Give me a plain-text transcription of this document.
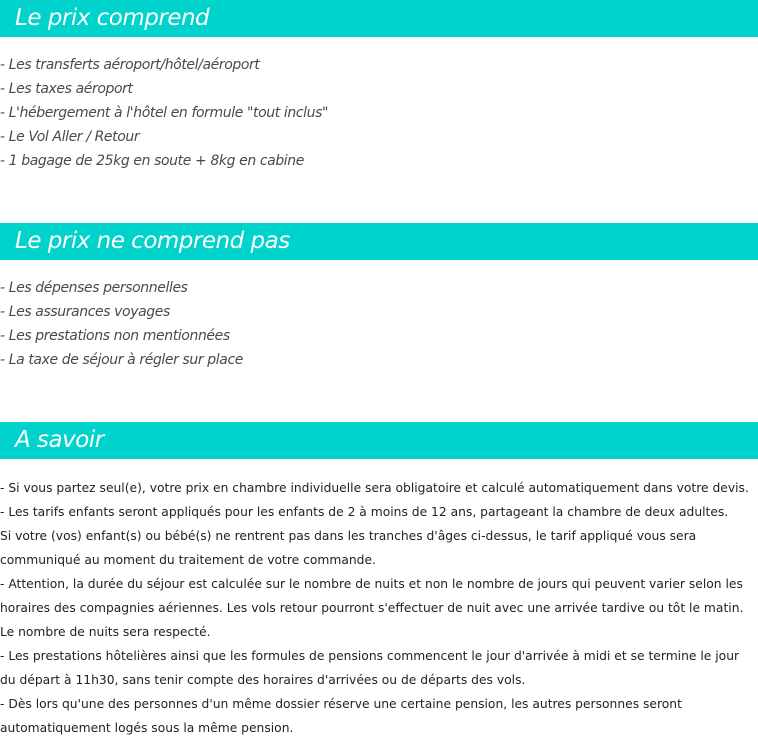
Le prix comprend
- Les transferts aéroport/hôtel/aéroport
- Les taxes aéroport
- L'hébergement à l'hôtel en formule "tout inclus"
- Le Vol Aller / Retour
- 1 bagage de 25kg en soute + 8kg en cabine
Le prix ne comprend pas
- Les dépenses personnelles
- Les assurances voyages
- Les prestations non mentionnées
- La taxe de séjour à régler sur place
A savoir

- Si vous partez seul(e), votre prix en chambre individuelle sera obligatoire et calculé automatiquement dans votre devis.

- Les tarifs enfants seront appliqués pour les enfants de 2 à moins de 12 ans, partageant la chambre de deux adultes.

Si votre (vos) enfant(s) ou bébé(s) ne rentrent pas dans les tranches d'âges ci-dessus, le tarif appliqué vous sera communiqué au moment du traitement de votre commande.

- Attention, la durée du séjour est calculée sur le nombre de nuits et non le nombre de jours qui peuvent varier selon les horaires des compagnies aériennes. Les vols retour pourront s'effectuer de nuit avec une arrivée tardive ou tôt le matin. Le nombre de nuits sera respecté.

- Les prestations hôtelières ainsi que les formules de pensions commencent le jour d'arrivée à midi et se termine le jour du départ à 11h30, sans tenir compte des horaires d'arrivées ou de départs des vols.

- Dès lors qu'une des personnes d'un même dossier réserve une certaine pension, les autres personnes seront automatiquement logés sous la même pension.
